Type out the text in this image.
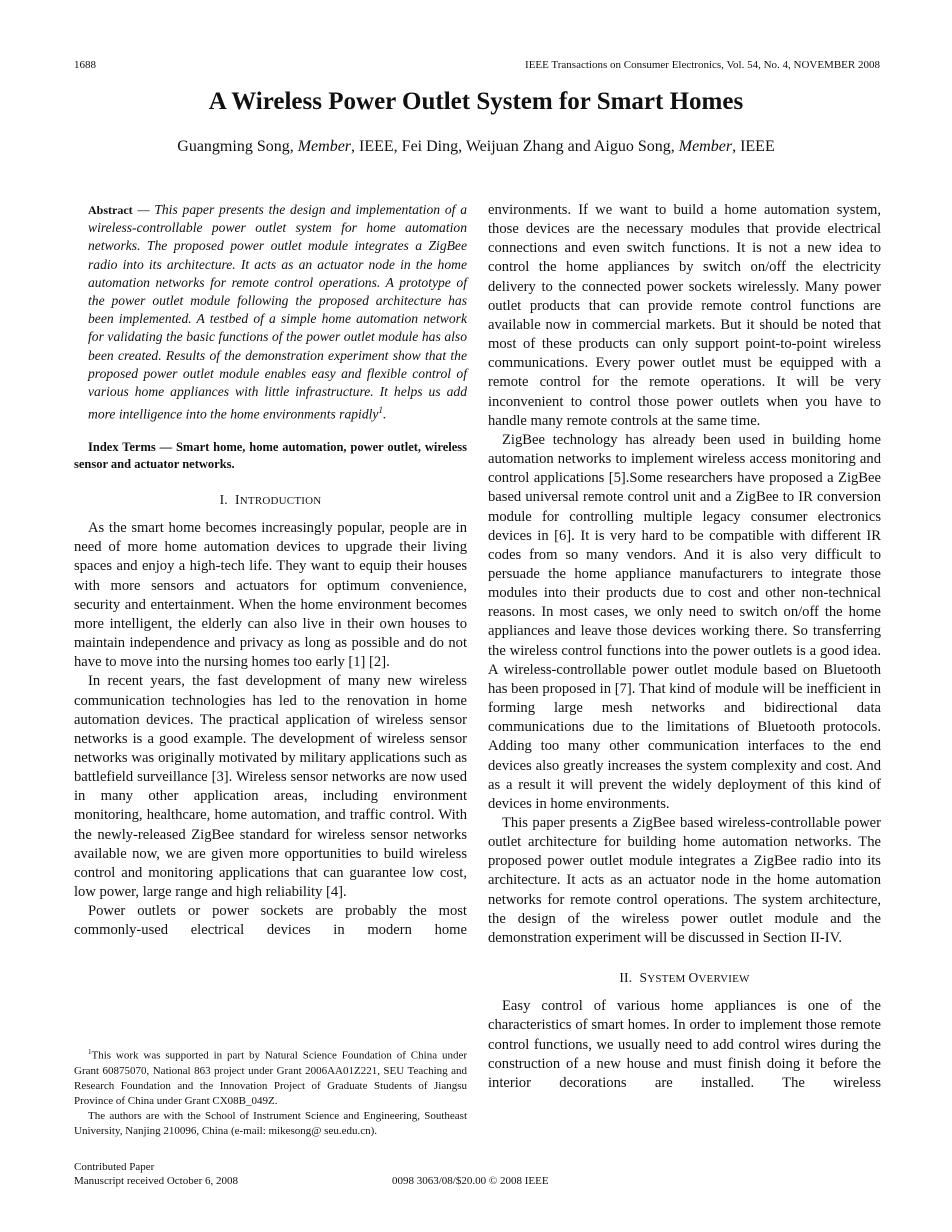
1688	IEEE Transactions on Consumer Electronics, Vol. 54, No. 4, NOVEMBER 2008
A Wireless Power Outlet System for Smart Homes
Guangming Song, Member, IEEE, Fei Ding, Weijuan Zhang and Aiguo Song, Member, IEEE

Abstract — This paper presents the design and implementation of a wireless-controllable power outlet system for home automation networks. The proposed power outlet module integrates a ZigBee radio into its architecture. It acts as an actuator node in the home automation networks for remote control operations. A prototype of the power outlet module following the proposed architecture has been implemented. A testbed of a simple home automation network for validating the basic functions of the power outlet module has also been created. Results of the demonstration experiment show that the proposed power outlet module enables easy and flexible control of various home appliances with little infrastructure. It helps us add more intelligence into the home environments rapidly$^1$.

Index Terms — Smart home, home automation, power outlet, wireless sensor and actuator networks.

I. INTRODUCTION

As the smart home becomes increasingly popular, people are in need of more home automation devices to upgrade their living spaces and enjoy a high-tech life. They want to equip their houses with more sensors and actuators for optimum convenience, security and entertainment. When the home environment becomes more intelligent, the elderly can also live in their own houses to maintain independence and privacy as long as possible and do not have to move into the nursing homes too early [1] [2].

In recent years, the fast development of many new wireless communication technologies has led to the renovation in home automation devices. The practical application of wireless sensor networks is a good example. The development of wireless sensor networks was originally motivated by military applications such as battlefield surveillance [3]. Wireless sensor networks are now used in many other application areas, including environment monitoring, healthcare, home automation, and traffic control. With the newly-released ZigBee standard for wireless sensor networks available now, we are given more opportunities to build wireless control and monitoring applications that can guarantee low cost, low power, large range and high reliability [4].

Power outlets or power sockets are probably the most commonly-used electrical devices in modern home

environments. If we want to build a home automation system, those devices are the necessary modules that provide electrical connections and even switch functions. It is not a new idea to control the home appliances by switch on/off the electricity delivery to the connected power sockets wirelessly. Many power outlet products that can provide remote control functions are available now in commercial markets. But it should be noted that most of these products can only support point-to-point wireless communications. Every power outlet must be equipped with a remote control for the remote operations. It will be very inconvenient to control those power outlets when you have to handle many remote controls at the same time.

ZigBee technology has already been used in building home automation networks to implement wireless access monitoring and control applications [5].Some researchers have proposed a ZigBee based universal remote control unit and a ZigBee to IR conversion module for controlling multiple legacy consumer electronics devices in [6]. It is very hard to be compatible with different IR codes from so many vendors. And it is also very difficult to persuade the home appliance manufacturers to integrate those modules into their products due to cost and other non-technical reasons. In most cases, we only need to switch on/off the home appliances and leave those devices working there. So transferring the wireless control functions into the power outlets is a good idea. A wireless-controllable power outlet module based on Bluetooth has been proposed in [7]. That kind of module will be inefficient in forming large mesh networks and bidirectional data communications due to the limitations of Bluetooth protocols. Adding too many other communication interfaces to the end devices also greatly increases the system complexity and cost. And as a result it will prevent the widely deployment of this kind of devices in home environments.

This paper presents a ZigBee based wireless-controllable power outlet architecture for building home automation networks. The proposed power outlet module integrates a ZigBee radio into its architecture. It acts as an actuator node in the home automation networks for remote control operations. The system architecture, the design of the wireless power outlet module and the demonstration experiment will be discussed in Section II-IV.

II. SYSTEM OVERVIEW

Easy control of various home appliances is one of the characteristics of smart homes. In order to implement those remote control functions, we usually need to add control wires during the construction of a new house and must finish doing it before the interior decorations are installed. The wireless

$^1$This work was supported in part by Natural Science Foundation of China under Grant 60875070, National 863 project under Grant 2006AA01Z221, SEU Teaching and Research Foundation and the Innovation Project of Graduate Students of Jiangsu Province of China under Grant CX08B_049Z.

The authors are with the School of Instrument Science and Engineering, Southeast University, Nanjing 210096, China (e-mail: mikesong@ seu.edu.cn).

Contributed Paper
Manuscript received October 6, 2008	0098 3063/08/$20.00 © 2008 IEEE
